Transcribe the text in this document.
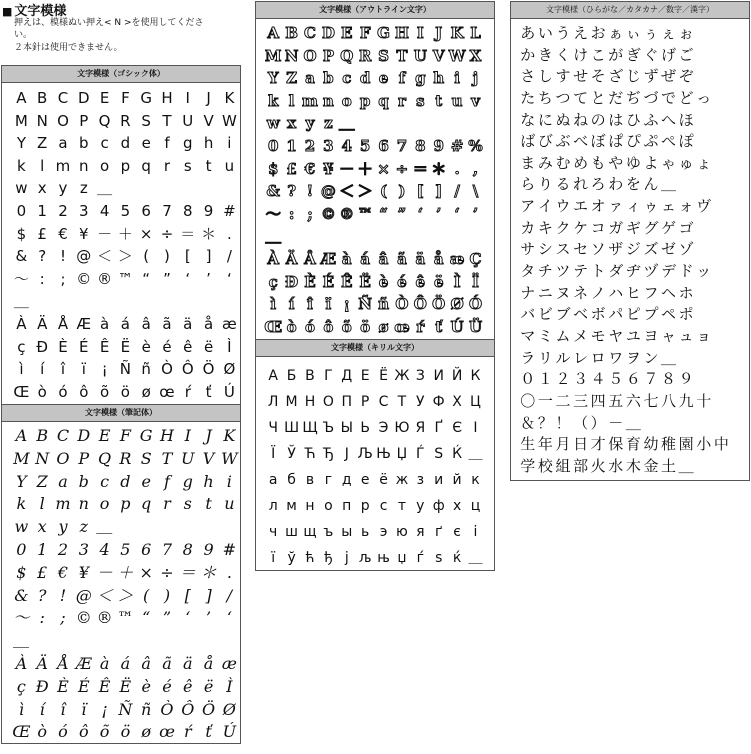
■ 文字模様
押えは、模様ぬい押え< N >を使用してくださ
い。
２本針は使用できません。
文字模様（ゴシック体）
A B C D E F G H I J K
M N O P Q R S T U V W
Y Z a b c d e f g h i
k l m n o p q r s t u
w x y z ＿
0 1 2 3 4 5 6 7 8 9 #
$ £ € ¥ － ＋ × ÷ ＝ ＊ .
& ? ! @ ＜ ＞ ( ) [ ] /
～ : ; © ® ™ “ ” ‘ ’ ‘
＿
À Ä Å Æ à á â ã ä å æ
ç Ð È É Ê Ë è é ê ë Ì
ì í î ï ¡ Ñ ñ Ò Ô Ö Ø
Œ ò ó ô õ ö ø œ ŕ ť Ú
文字模様（筆記体）
A B C D E F G H I J K
M N O P Q R S T U V W
Y Z a b c d e f g h i
k l m n o p q r s t u
w x y z ＿
0 1 2 3 4 5 6 7 8 9 #
$ £ € ¥ － ＋ × ÷ ＝ ＊ .
& ? ! @ ＜ ＞ ( ) [ ] /
～ : ; © ® ™ “ ” ‘ ’ ‘
＿
À Ä Å Æ à á â ã ä å æ
ç Ð È É Ê Ë è é ê ë Ì
ì í î ï ¡ Ñ ñ Ò Ô Ö Ø
Œ ò ó ô õ ö ø œ ŕ ť Ú
文字模様（アウトライン文字）
A B C D E F G H I J K L
M N O P Q R S T U V W X
Y Z a b c d e f g h i j
k l m n o p q r s t u v
w x y z ＿
0 1 2 3 4 5 6 7 8 9 # %
$ £ € ¥ － ＋ × ÷ ＝ ＊ . ,
& ? ! @ ＜ ＞ ( ) [ ] / \
～ : ; © ® ™ “ ” ‘ ’ ‘ ’
＿
À Ä Å Æ à á â ã ä å æ Ç
ç Ð È É Ê Ë è é ê ë Ì Ï
ì í î ï ¡ Ñ ñ Ò Ô Ö Ø Ó
Œ ò ó ô õ ö ø œ ŕ ť Ú Ü
文字模様（キリル文字）
А Б В Г Д Е Ё Ж З И Й К
Л М Н О П Р С Т У Ф Х Ц
Ч Ш Щ Ъ Ы Ь Э Ю Я Ґ Є І
Ї Ў Ћ Ђ Ј Љ Њ Џ Ѓ Ѕ Ќ ＿
а б в г д е ё ж з и й к
л м н о п р с т у ф х ц
ч ш щ ъ ы ь э ю я ґ є і
ї ў ћ ђ ј љ њ џ ѓ ѕ ќ ＿
文字模様（ひらがな／カタカナ／数字／漢字）
あ い う え お ぁ ぃ ぅ ぇ ぉ
か き く け こ が ぎ ぐ げ ご
さ し す せ そ ざ じ ず ぜ ぞ
た ち つ て と だ ぢ づ で ど っ
な に ぬ ね の は ひ ふ へ ほ
ば び ぶ べ ぼ ぱ ぴ ぷ ぺ ぽ
ま み む め も や ゆ よ ゃ ゅ ょ
ら り る れ ろ わ を ん ＿
ア イ ウ エ オ ァ ィ ゥ ェ ォ ヴ
カ キ ク ケ コ ガ ギ グ ゲ ゴ
サ シ ス セ ソ ザ ジ ズ ゼ ゾ
タ チ ツ テ ト ダ ヂ ヅ デ ド ッ
ナ ニ ヌ ネ ノ ハ ヒ フ ヘ ホ
バ ビ ブ ベ ボ パ ピ プ ペ ポ
マ ミ ム メ モ ヤ ユ ヨ ャ ュ ョ
ラ リ ル レ ロ ワ ヲ ン ＿
０ １ ２ ３ ４ ５ ６ ７ ８ ９
〇 一 二 三 四 五 六 七 八 九 十
＆ ？ ！ （ ） － ＿
生 年 月 日 才 保 育 幼 稚 園 小 中
学 校 組 部 火 水 木 金 土 ＿
